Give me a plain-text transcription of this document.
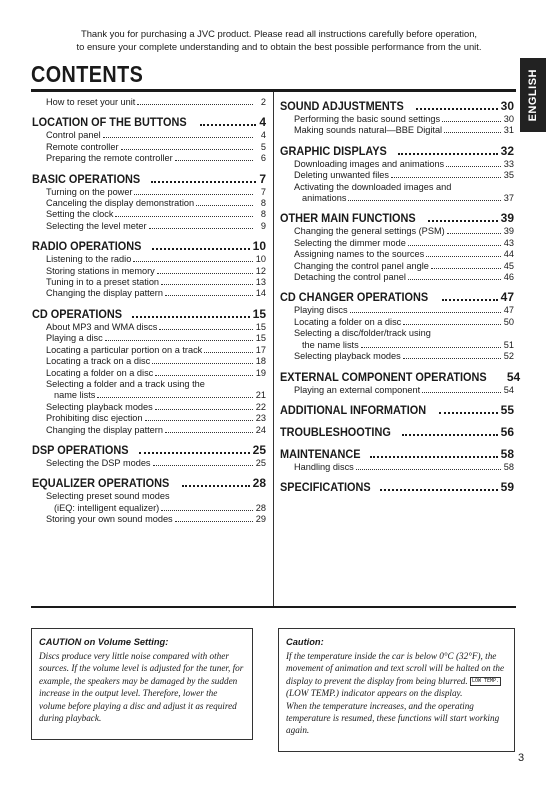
Thank you for purchasing a JVC product. Please read all instructions carefully before operation,
to ensure your complete understanding and to obtain the best possible performance from the unit.
CONTENTS	ENGLISH
How to reset your unit	2
LOCATION OF THE BUTTONS	4
Control panel	4
Remote controller	5
Preparing the remote controller	6
BASIC OPERATIONS	7
Turning on the power	7
Canceling the display demonstration	8
Setting the clock	8
Selecting the level meter	9
RADIO OPERATIONS	10
Listening to the radio	10
Storing stations in memory	12
Tuning in to a preset station	13
Changing the display pattern	14
CD OPERATIONS	15
About MP3 and WMA discs	15
Playing a disc	15
Locating a particular portion on a track	17
Locating a track on a disc	18
Locating a folder on a disc	19
Selecting a folder and a track using the
name lists	21
Selecting playback modes	22
Prohibiting disc ejection	23
Changing the display pattern	24
DSP OPERATIONS	25
Selecting the DSP modes	25
EQUALIZER OPERATIONS	28
Selecting preset sound modes
(iEQ: intelligent equalizer)	28
Storing your own sound modes	29
SOUND ADJUSTMENTS	30
Performing the basic sound settings	30
Making sounds natural—BBE Digital	31
GRAPHIC DISPLAYS	32
Downloading images and animations	33
Deleting unwanted files	35
Activating the downloaded images and
animations	37
OTHER MAIN FUNCTIONS	39
Changing the general settings (PSM)	39
Selecting the dimmer mode	43
Assigning names to the sources	44
Changing the control panel angle	45
Detaching the control panel	46
CD CHANGER OPERATIONS	47
Playing discs	47
Locating a folder on a disc	50
Selecting a disc/folder/track using
the name lists	51
Selecting playback modes	52
EXTERNAL COMPONENT OPERATIONS 54
Playing an external component	54
ADDITIONAL INFORMATION	55
TROUBLESHOOTING	56
MAINTENANCE	58
Handling discs	58
SPECIFICATIONS	59
CAUTION on Volume Setting:
Discs produce very little noise compared with other sources. If the volume level is adjusted for the tuner, for example, the speakers may be damaged by the sudden increase in the output level. Therefore, lower the volume before playing a disc and adjust it as required during playback.
Caution:
If the temperature inside the car is below 0°C (32°F), the movement of animation and text scroll will be halted on the display to prevent the display from being blurred. LOW TEMP. (LOW TEMP.) indicator appears on the display.
When the temperature increases, and the operating temperature is resumed, these functions will start working again.
3
